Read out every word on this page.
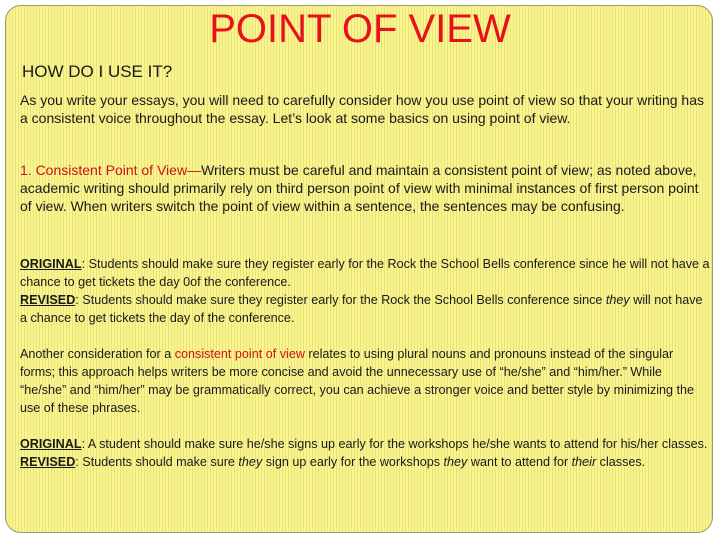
POINT OF VIEW
HOW DO I USE IT?
As you write your essays, you will need to carefully consider how you use point of view so that your writing has a consistent voice throughout the essay. Let’s look at some basics on using point of view.
1. Consistent Point of View—Writers must be careful and maintain a consistent point of view; as noted above, academic writing should primarily rely on third person point of view with minimal instances of first person point of view. When writers switch the point of view within a sentence, the sentences may be confusing.
ORIGINAL: Students should make sure they register early for the Rock the School Bells conference since he will not have a chance to get tickets the day 0of the conference.
REVISED: Students should make sure they register early for the Rock the School Bells conference since they will not have a chance to get tickets the day of the conference.
Another consideration for a consistent point of view relates to using plural nouns and pronouns instead of the singular forms; this approach helps writers be more concise and avoid the unnecessary use of “he/she” and “him/her.” While “he/she” and “him/her” may be grammatically correct, you can achieve a stronger voice and better style by minimizing the use of these phrases.
ORIGINAL: A student should make sure he/she signs up early for the workshops he/she wants to attend for his/her classes.
REVISED: Students should make sure they sign up early for the workshops they want to attend for their classes.
